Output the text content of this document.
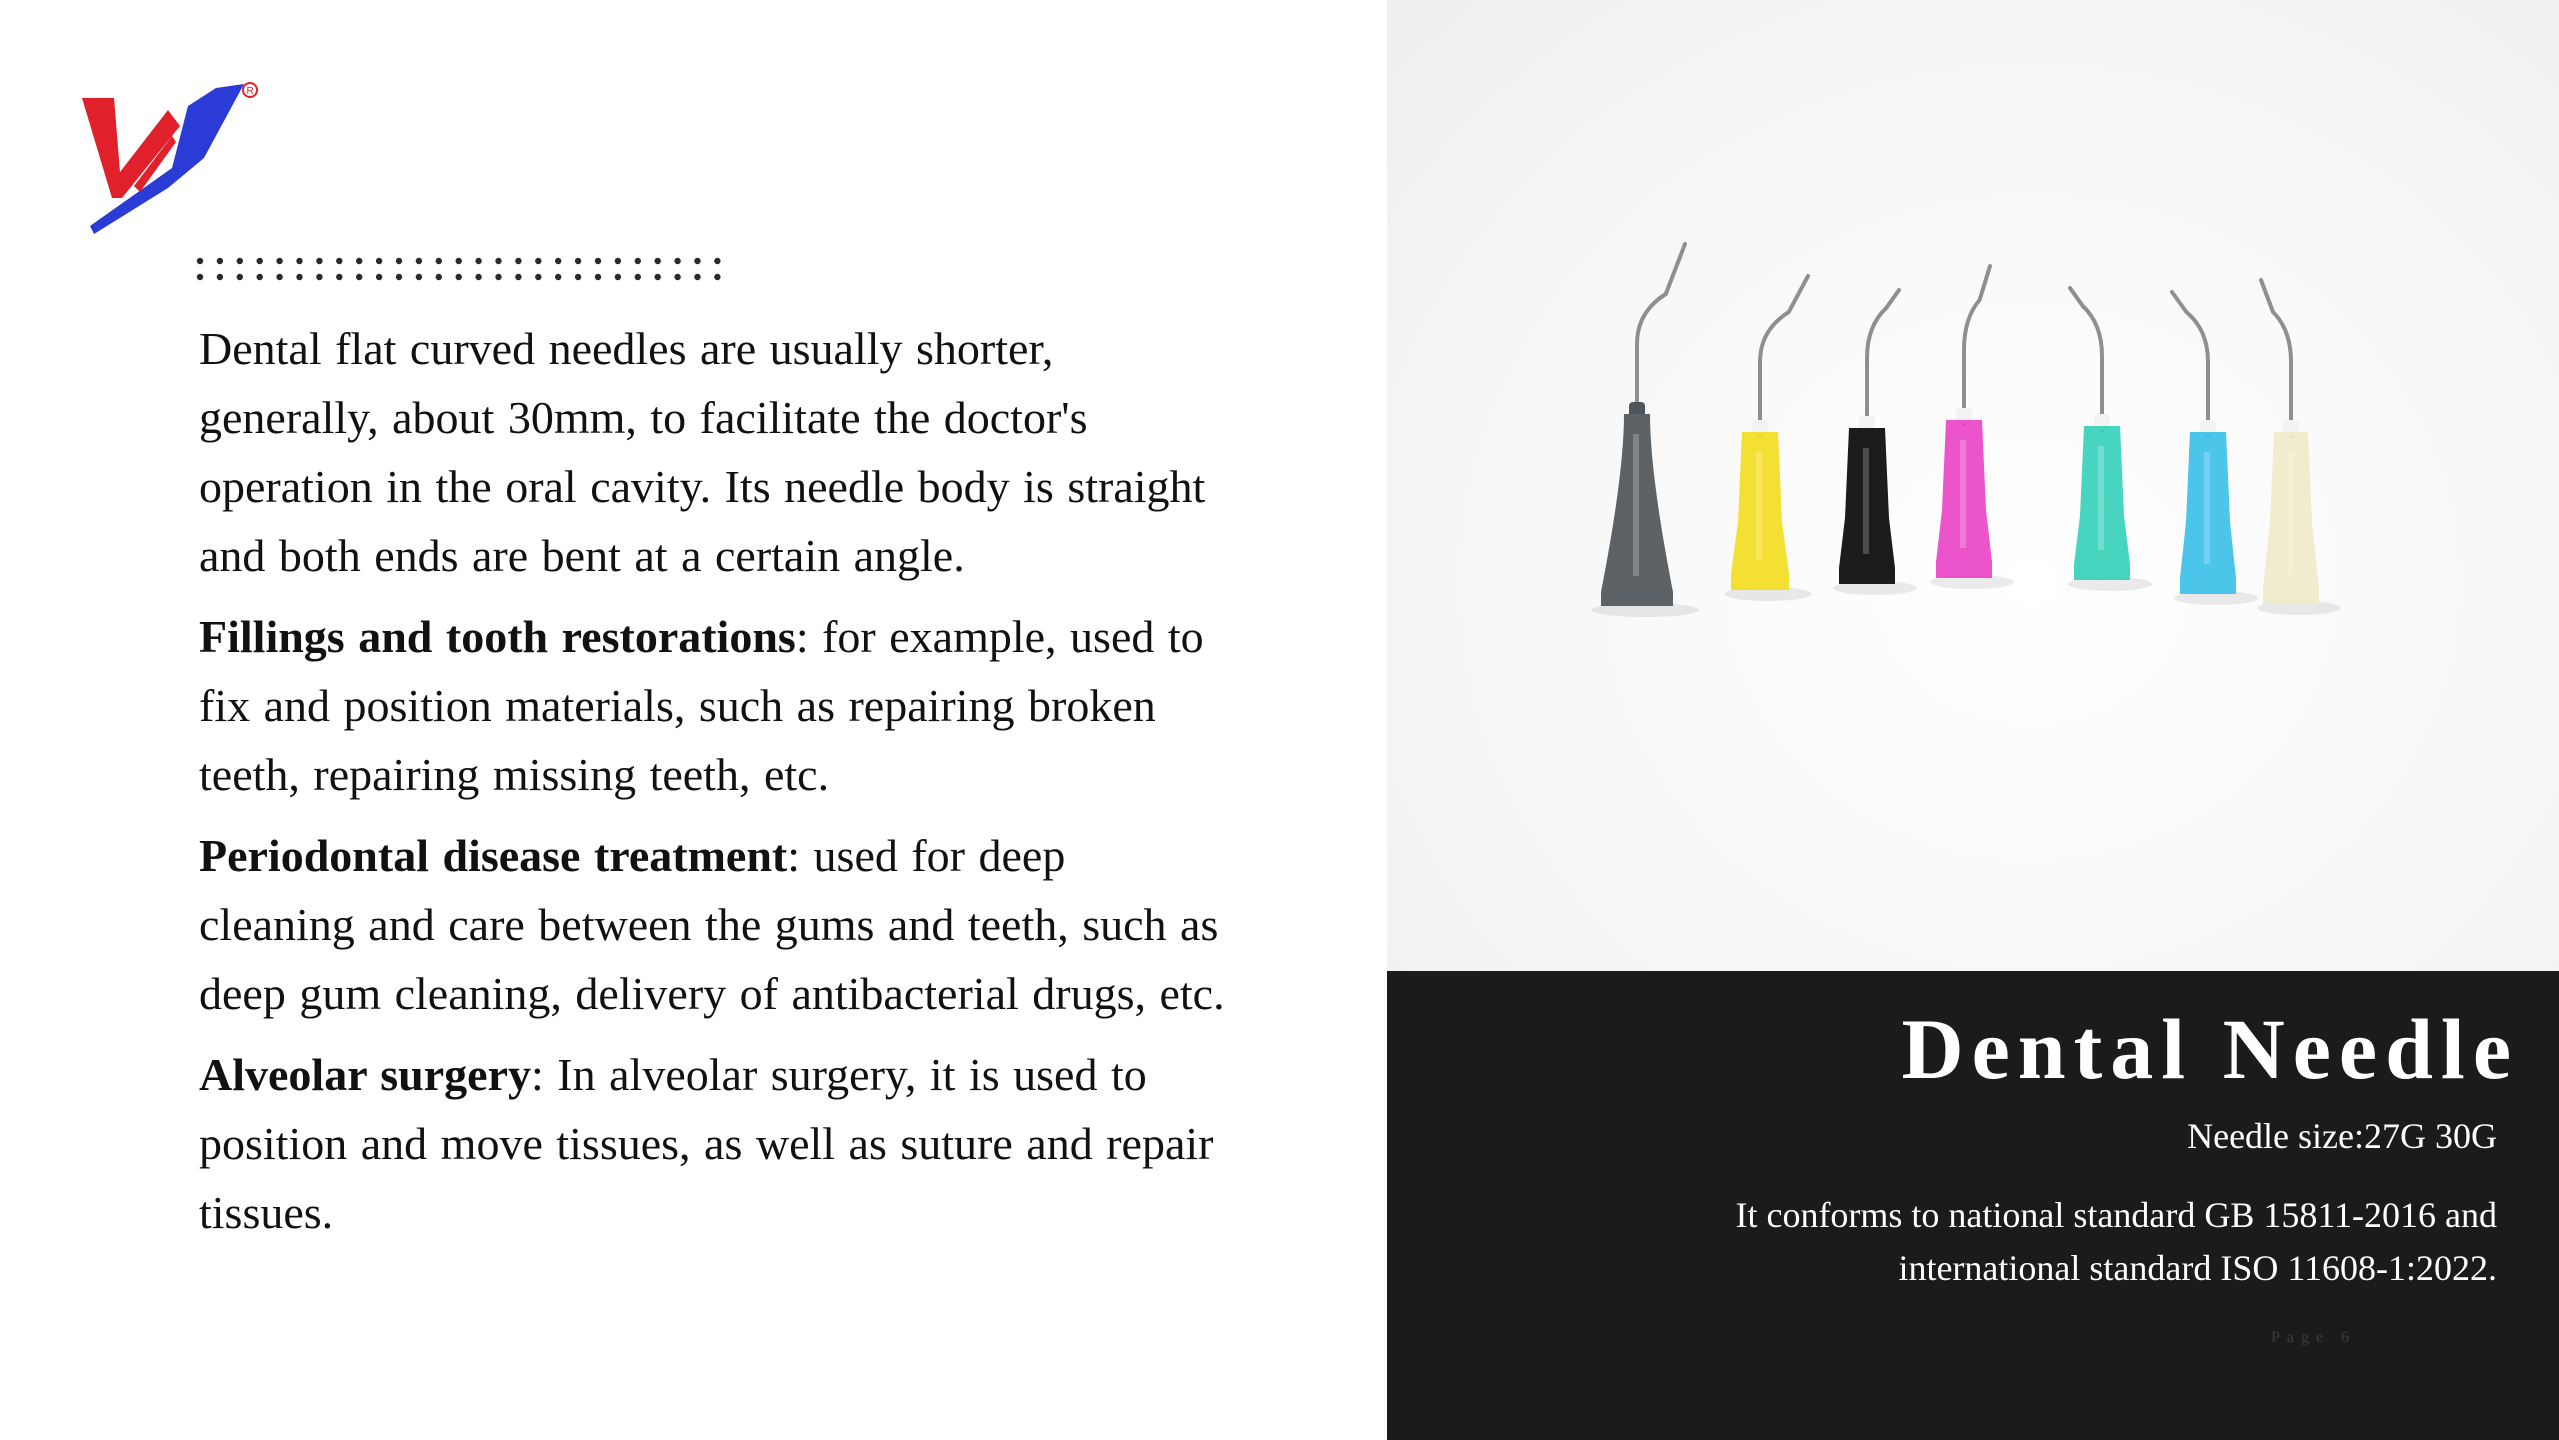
R

Dental flat curved needles are usually shorter, generally, about 30mm, to facilitate the doctor's operation in the oral cavity. Its needle body is straight and both ends are bent at a certain angle.

Fillings and tooth restorations: for example, used to fix and position materials, such as repairing broken teeth, repairing missing teeth, etc.

Periodontal disease treatment: used for deep cleaning and care between the gums and teeth, such as deep gum cleaning, delivery of antibacterial drugs, etc.

Alveolar surgery: In alveolar surgery, it is used to position and move tissues, as well as suture and repair tissues.

Dental Needle
Needle size:27G 30G
It conforms to national standard GB 15811-2016 and international standard ISO 11608-1:2022.
Page 6
